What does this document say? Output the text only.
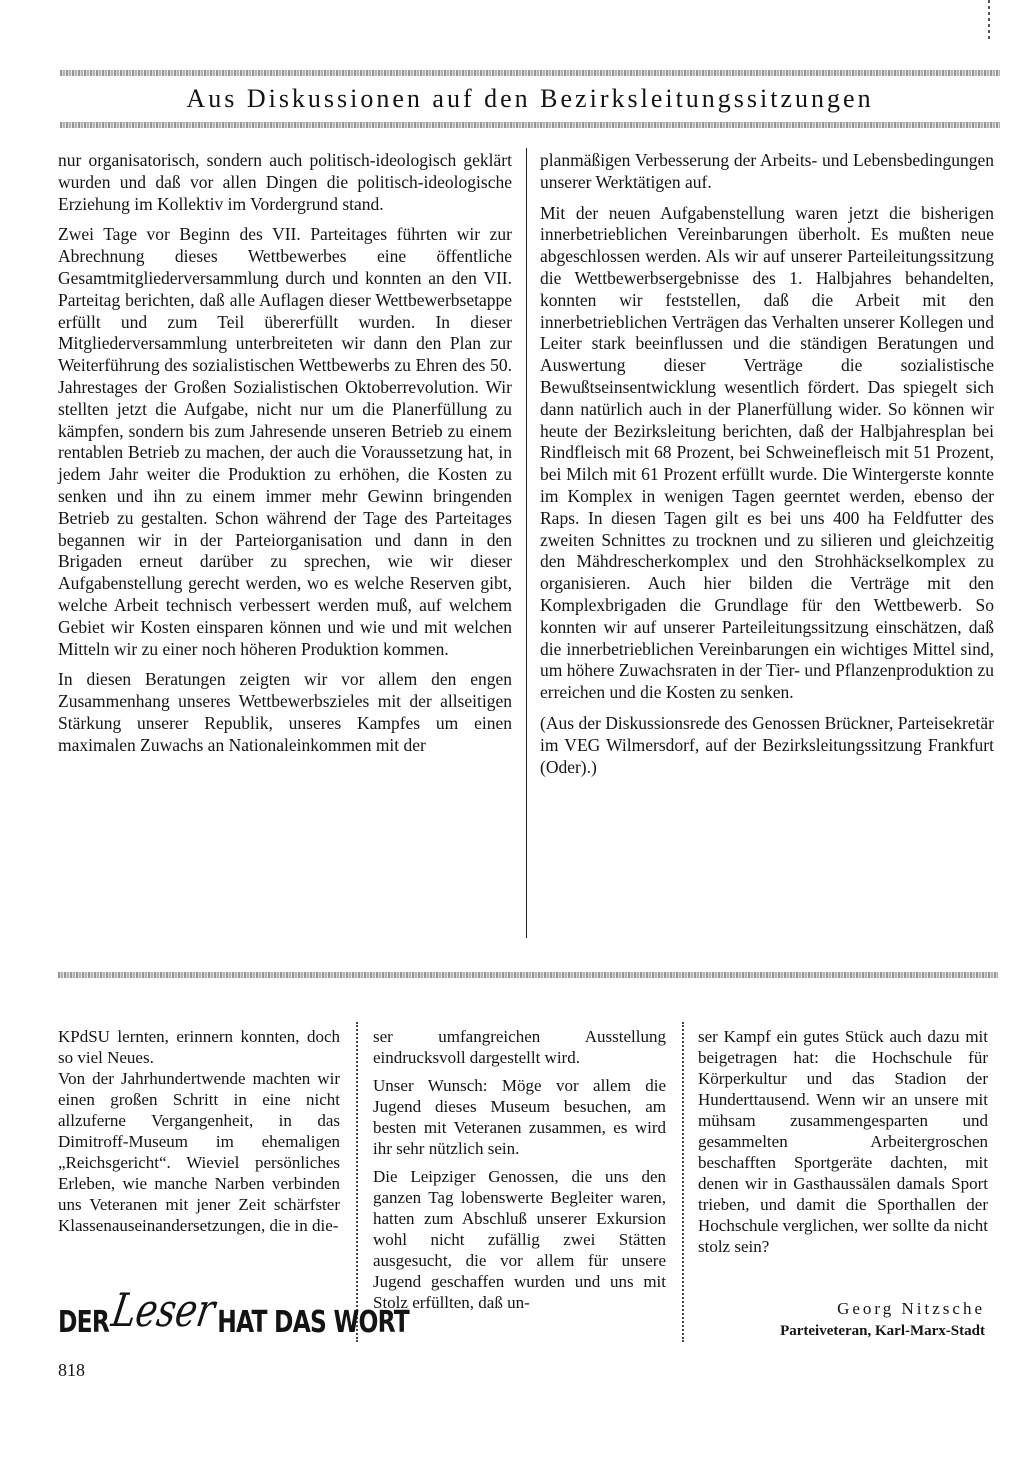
Aus Diskussionen auf den Bezirksleitungssitzungen

nur organisatorisch, sondern auch politisch-ideologisch geklärt wurden und daß vor allen Dingen die politisch-ideologische Erziehung im Kollektiv im Vordergrund stand.

Zwei Tage vor Beginn des VII. Parteitages führten wir zur Abrechnung dieses Wettbewerbes eine öffentliche Gesamtmitgliederversammlung durch und konnten an den VII. Parteitag berichten, daß alle Auflagen dieser Wettbewerbsetappe erfüllt und zum Teil übererfüllt wurden. In dieser Mitgliederversammlung unterbreiteten wir dann den Plan zur Weiterführung des sozialistischen Wettbewerbs zu Ehren des 50. Jahrestages der Großen Sozialistischen Oktoberrevolution. Wir stellten jetzt die Aufgabe, nicht nur um die Planerfüllung zu kämpfen, sondern bis zum Jahresende unseren Betrieb zu einem rentablen Betrieb zu machen, der auch die Voraussetzung hat, in jedem Jahr weiter die Produktion zu erhöhen, die Kosten zu senken und ihn zu einem immer mehr Gewinn bringenden Betrieb zu gestalten. Schon während der Tage des Parteitages begannen wir in der Parteiorganisation und dann in den Brigaden erneut darüber zu sprechen, wie wir dieser Aufgabenstellung gerecht werden, wo es welche Reserven gibt, welche Arbeit technisch verbessert werden muß, auf welchem Gebiet wir Kosten einsparen können und wie und mit welchen Mitteln wir zu einer noch höheren Produktion kommen.

In diesen Beratungen zeigten wir vor allem den engen Zusammenhang unseres Wettbewerbszieles mit der allseitigen Stärkung unserer Republik, unseres Kampfes um einen maximalen Zuwachs an Nationaleinkommen mit der

planmäßigen Verbesserung der Arbeits- und Lebensbedingungen unserer Werktätigen auf.

Mit der neuen Aufgabenstellung waren jetzt die bisherigen innerbetrieblichen Vereinbarungen überholt. Es mußten neue abgeschlossen werden. Als wir auf unserer Parteileitungssitzung die Wettbewerbsergebnisse des 1. Halbjahres behandelten, konnten wir feststellen, daß die Arbeit mit den innerbetrieblichen Verträgen das Verhalten unserer Kollegen und Leiter stark beeinflussen und die ständigen Beratungen und Auswertung dieser Verträge die sozialistische Bewußtseinsentwicklung wesentlich fördert. Das spiegelt sich dann natürlich auch in der Planerfüllung wider. So können wir heute der Bezirksleitung berichten, daß der Halbjahresplan bei Rindfleisch mit 68 Prozent, bei Schweinefleisch mit 51 Prozent, bei Milch mit 61 Prozent erfüllt wurde. Die Wintergerste konnte im Komplex in wenigen Tagen geerntet werden, ebenso der Raps. In diesen Tagen gilt es bei uns 400 ha Feldfutter des zweiten Schnittes zu trocknen und zu silieren und gleichzeitig den Mähdrescherkomplex und den Strohhäckselkomplex zu organisieren. Auch hier bilden die Verträge mit den Komplexbrigaden die Grundlage für den Wettbewerb. So konnten wir auf unserer Parteileitungssitzung einschätzen, daß die innerbetrieblichen Vereinbarungen ein wichtiges Mittel sind, um höhere Zuwachsraten in der Tier- und Pflanzenproduktion zu erreichen und die Kosten zu senken.

(Aus der Diskussionsrede des Genossen Brückner, Parteisekretär im VEG Wilmersdorf, auf der Bezirksleitungssitzung Frankfurt (Oder).)

KPdSU lernten, erinnern konnten, doch so viel Neues.

Von der Jahrhundertwende machten wir einen großen Schritt in eine nicht allzuferne Vergangenheit, in das Dimitroff-Museum im ehemaligen „Reichsgericht“. Wieviel persönliches Erleben, wie manche Narben verbinden uns Veteranen mit jener Zeit schärfster Klassenauseinandersetzungen, die in die-

ser umfangreichen Ausstellung eindrucksvoll dargestellt wird.

Unser Wunsch: Möge vor allem die Jugend dieses Museum besuchen, am besten mit Veteranen zusammen, es wird ihr sehr nützlich sein.

Die Leipziger Genossen, die uns den ganzen Tag lobenswerte Begleiter waren, hatten zum Abschluß unserer Exkursion wohl nicht zufällig zwei Stätten ausgesucht, die vor allem für unsere Jugend geschaffen wurden und uns mit Stolz erfüllten, daß un-

ser Kampf ein gutes Stück auch dazu mit beigetragen hat: die Hochschule für Körperkultur und das Stadion der Hunderttausend. Wenn wir an unsere mit mühsam zusammengesparten und gesammelten Arbeitergroschen beschafften Sportgeräte dachten, mit denen wir in Gasthaussälen damals Sport trieben, und damit die Sporthallen der Hochschule verglichen, wer sollte da nicht stolz sein?

Georg Nitzsche
Parteiveteran, Karl-Marx-Stadt
DERLeserHAT DAS WORT
818
